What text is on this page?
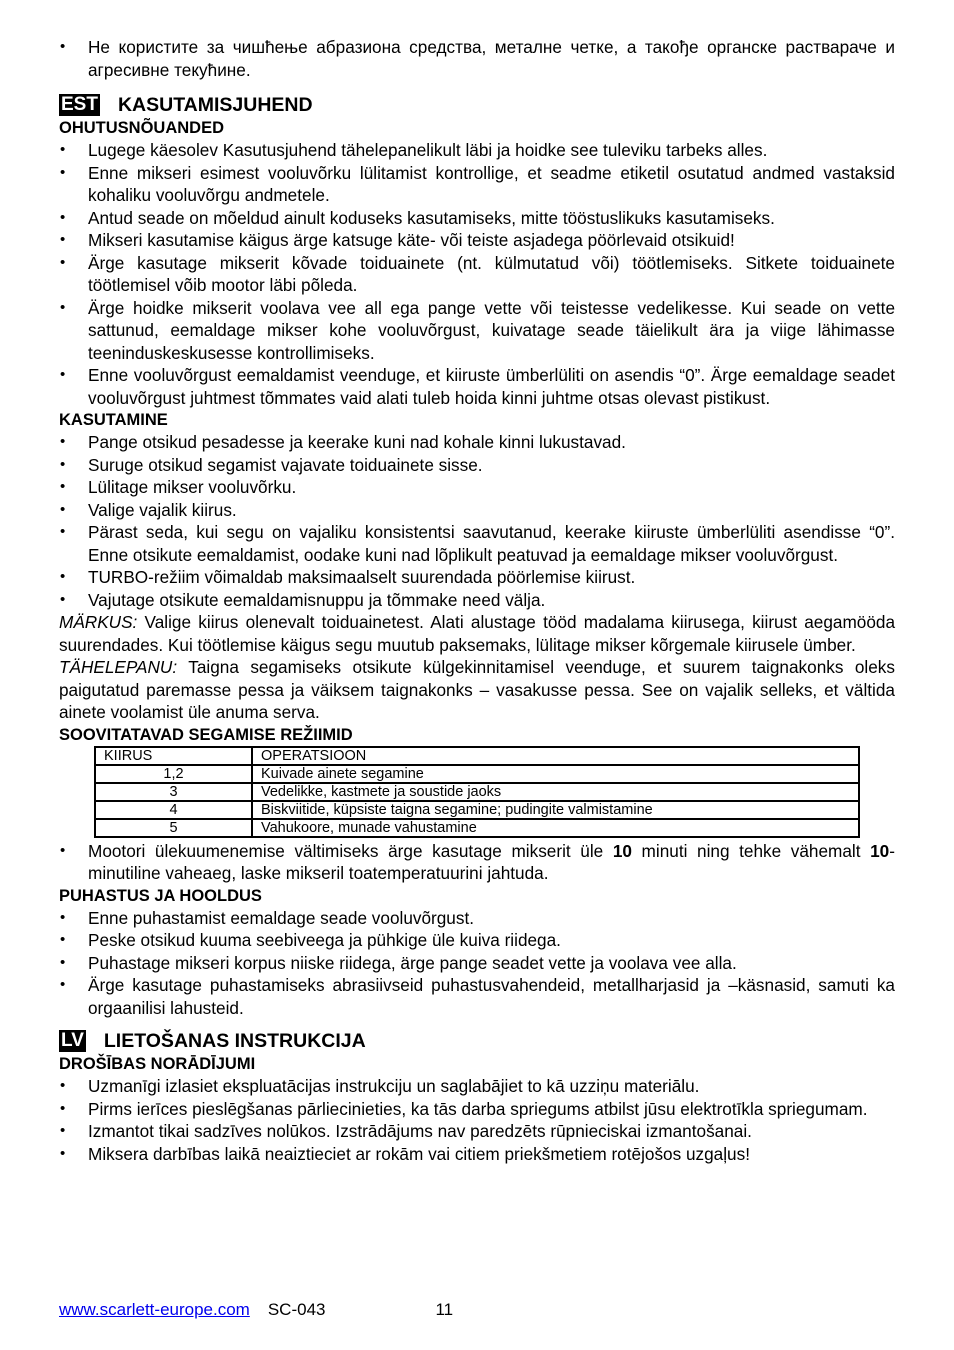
• Не користите за чишћење абразиона средства, металне четке, а такође органске раствараче и агресивне текућине.
EST KASUTAMISJUHEND
OHUTUSNÕUANDED
• Lugege käesolev Kasutusjuhend tähelepanelikult läbi ja hoidke see tuleviku tarbeks alles.
• Enne mikseri esimest vooluvõrku lülitamist kontrollige, et seadme etiketil osutatud andmed vastaksid kohaliku vooluvõrgu andmetele.
• Antud seade on mõeldud ainult koduseks kasutamiseks, mitte tööstuslikuks kasutamiseks.
• Mikseri kasutamise käigus ärge katsuge käte- või teiste asjadega pöörlevaid otsikuid!
• Ärge kasutage mikserit kõvade toiduainete (nt. külmutatud või) töötlemiseks. Sitkete toiduainete töötlemisel võib mootor läbi põleda.
• Ärge hoidke mikserit voolava vee all ega pange vette või teistesse vedelikesse. Kui seade on vette sattunud, eemaldage mikser kohe vooluvõrgust, kuivatage seade täielikult ära ja viige lähimasse teeninduskeskusesse kontrollimiseks.
• Enne vooluvõrgust eemaldamist veenduge, et kiiruste ümberlüliti on asendis “0”. Ärge eemaldage seadet vooluvõrgust juhtmest tõmmates vaid alati tuleb hoida kinni juhtme otsas olevast pistikust.
KASUTAMINE
• Pange otsikud pesadesse ja keerake kuni nad kohale kinni lukustavad.
• Suruge otsikud segamist vajavate toiduainete sisse.
• Lülitage mikser vooluvõrku.
• Valige vajalik kiirus.
• Pärast seda, kui segu on vajaliku konsistentsi saavutanud, keerake kiiruste ümberlüliti asendisse “0”. Enne otsikute eemaldamist, oodake kuni nad lõplikult peatuvad ja eemaldage mikser vooluvõrgust.
• TURBO-režiim võimaldab maksimaalselt suurendada pöörlemise kiirust.
• Vajutage otsikute eemaldamisnuppu ja tõmmake need välja.

MÄRKUS: Valige kiirus olenevalt toiduainetest. Alati alustage tööd madalama kiirusega, kiirust aegamööda suurendades. Kui töötlemise käigus segu muutub paksemaks, lülitage mikser kõrgemale kiirusele ümber.

TÄHELEPANU: Taigna segamiseks otsikute külgekinnitamisel veenduge, et suurem taignakonks oleks paigutatud paremasse pessa ja väiksem taignakonks – vasakusse pessa. See on vajalik selleks, et vältida ainete voolamist üle anuma serva.

SOOVITATAVAD SEGAMISE REŽIIMID
KIIRUS	OPERATSIOON
1,2	Kuivade ainete segamine
3	Vedelikke, kastmete ja soustide jaoks
4	Biskviitide, küpsiste taigna segamine; pudingite valmistamine
5	Vahukoore, munade vahustamine
• Mootori ülekuumenemise vältimiseks ärge kasutage mikserit üle 10 minuti ning tehke vähemalt 10-minutiline vaheaeg, laske mikseril toatemperatuurini jahtuda.
PUHASTUS JA HOOLDUS
• Enne puhastamist eemaldage seade vooluvõrgust.
• Peske otsikud kuuma seebiveega ja pühkige üle kuiva riidega.
• Puhastage mikseri korpus niiske riidega, ärge pange seadet vette ja voolava vee alla.
• Ärge kasutage puhastamiseks abrasiivseid puhastusvahendeid, metallharjasid ja –käsnasid, samuti ka orgaanilisi lahusteid.
LV LIETOŠANAS INSTRUKCIJA
DROŠĪBAS NORĀDĪJUMI
• Uzmanīgi izlasiet ekspluatācijas instrukciju un saglabājiet to kā uzziņu materiālu.
• Pirms ierīces pieslēgšanas pārliecinieties, ka tās darba spriegums atbilst jūsu elektrotīkla spriegumam.
• Izmantot tikai sadzīves nolūkos. Izstrādājums nav paredzēts rūpnieciskai izmantošanai.
• Miksera darbības laikā neaiztieciet ar rokām vai citiem priekšmetiem rotējošos uzgaļus!
www.scarlett-europe.com SC-043	11
